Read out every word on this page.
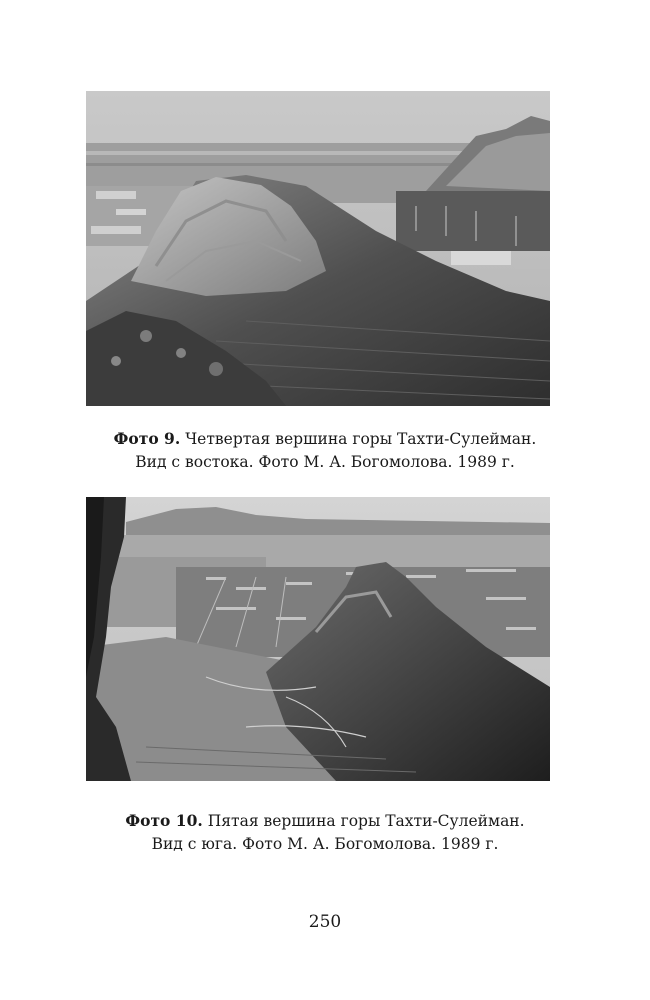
Фото 9. Четвертая вершина горы Тахти-Сулейман.
Вид с востока. Фото М. А. Богомолова. 1989 г.
Фото 10. Пятая вершина горы Тахти-Сулейман.
Вид с юга. Фото М. А. Богомолова. 1989 г.
250
